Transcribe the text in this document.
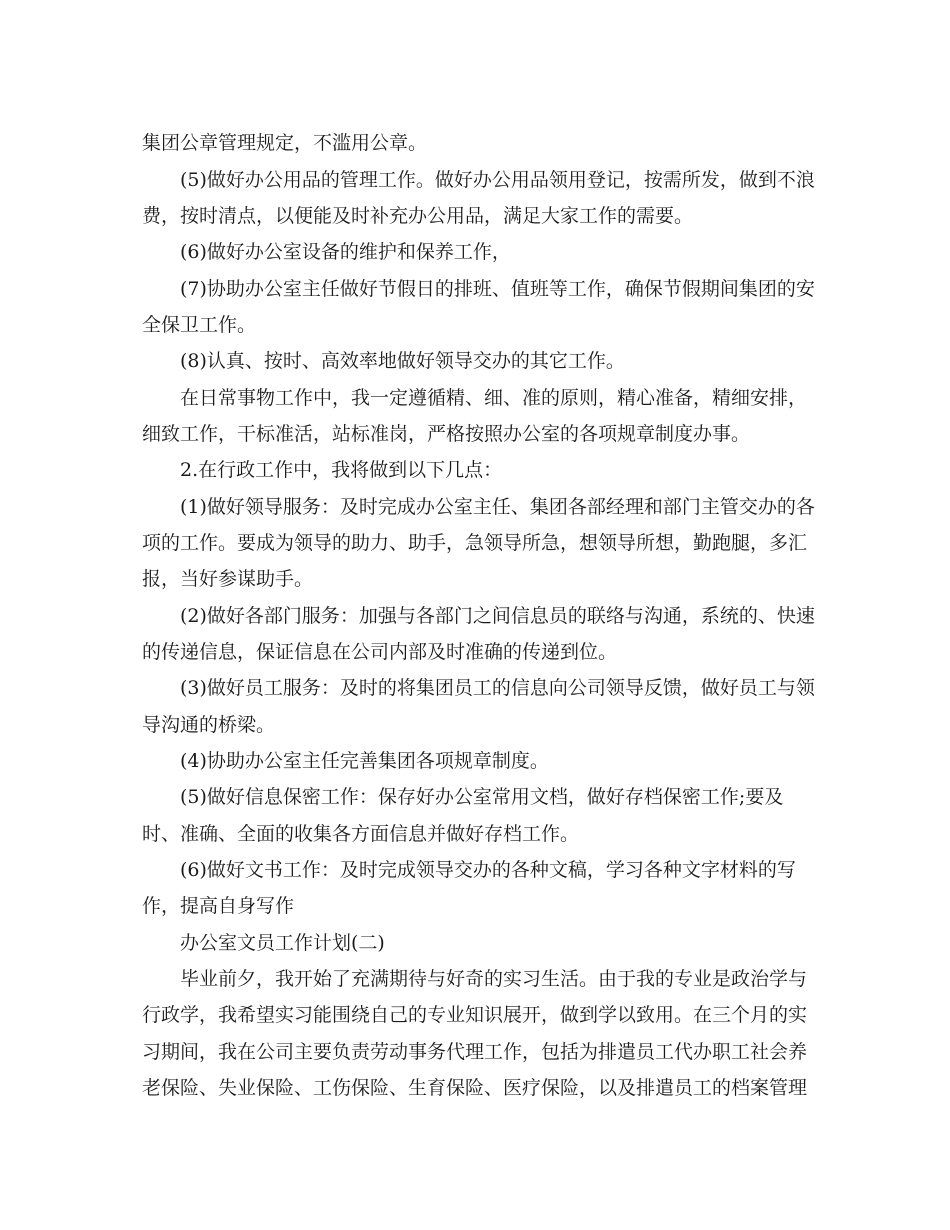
集团公章管理规定，不滥用公章。

(5)做好办公用品的管理工作。做好办公用品领用登记，按需所发，做到不浪

费，按时清点，以便能及时补充办公用品，满足大家工作的需要。

(6)做好办公室设备的维护和保养工作，

(7)协助办公室主任做好节假日的排班、值班等工作，确保节假期间集团的安

全保卫工作。

(8)认真、按时、高效率地做好领导交办的其它工作。

在日常事物工作中，我一定遵循精、细、准的原则，精心准备，精细安排，

细致工作，干标准活，站标准岗，严格按照办公室的各项规章制度办事。

2.在行政工作中，我将做到以下几点：

(1)做好领导服务：及时完成办公室主任、集团各部经理和部门主管交办的各

项的工作。要成为领导的助力、助手，急领导所急，想领导所想，勤跑腿，多汇

报，当好参谋助手。

(2)做好各部门服务：加强与各部门之间信息员的联络与沟通，系统的、快速

的传递信息，保证信息在公司内部及时准确的传递到位。

(3)做好员工服务：及时的将集团员工的信息向公司领导反馈，做好员工与领

导沟通的桥梁。

(4)协助办公室主任完善集团各项规章制度。

(5)做好信息保密工作：保存好办公室常用文档，做好存档保密工作;要及

时、准确、全面的收集各方面信息并做好存档工作。

(6)做好文书工作：及时完成领导交办的各种文稿，学习各种文字材料的写

作，提高自身写作

办公室文员工作计划(二)

毕业前夕，我开始了充满期待与好奇的实习生活。由于我的专业是政治学与

行政学，我希望实习能围绕自己的专业知识展开，做到学以致用。在三个月的实

习期间，我在公司主要负责劳动事务代理工作，包括为排遣员工代办职工社会养

老保险、失业保险、工伤保险、生育保险、医疗保险，以及排遣员工的档案管理
